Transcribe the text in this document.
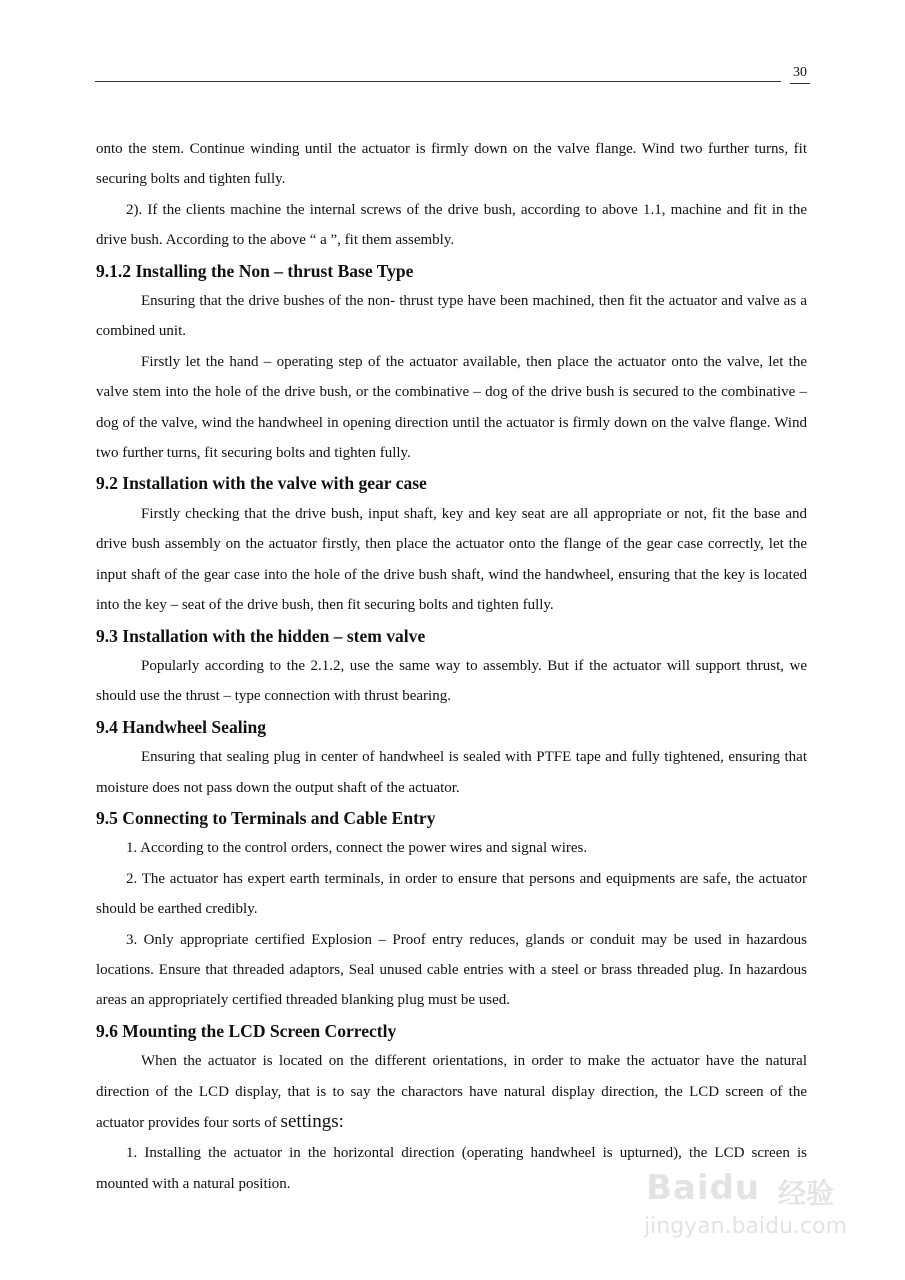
30

onto the stem. Continue winding until the actuator is firmly down on the valve flange. Wind two further turns, fit securing bolts and tighten fully.

2). If the clients machine the internal screws of the drive bush, according to above 1.1, machine and fit in the drive bush. According to the above “ a ”, fit them assembly.

9.1.2 Installing the Non – thrust Base Type

Ensuring that the drive bushes of the non- thrust type have been machined, then fit the actuator and valve as a combined unit.

Firstly let the hand – operating step of the actuator available, then place the actuator onto the valve, let the valve stem into the hole of the drive bush, or the combinative – dog of the drive bush is secured to the combinative – dog of the valve, wind the handwheel in opening direction until the actuator is firmly down on the valve flange. Wind two further turns, fit securing bolts and tighten fully.

9.2 Installation with the valve with gear case

Firstly checking that the drive bush, input shaft, key and key seat are all appropriate or not, fit the base and drive bush assembly on the actuator firstly, then place the actuator onto the flange of the gear case correctly, let the input shaft of the gear case into the hole of the drive bush shaft, wind the handwheel, ensuring that the key is located into the key – seat of the drive bush, then fit securing bolts and tighten fully.

9.3 Installation with the hidden – stem valve

Popularly according to the 2.1.2, use the same way to assembly. But if the actuator will support thrust, we should use the thrust – type connection with thrust bearing.

9.4 Handwheel Sealing

Ensuring that sealing plug in center of handwheel is sealed with PTFE tape and fully tightened, ensuring that moisture does not pass down the output shaft of the actuator.

9.5 Connecting to Terminals and Cable Entry

1. According to the control orders, connect the power wires and signal wires.

2. The actuator has expert earth terminals, in order to ensure that persons and equipments are safe, the actuator should be earthed credibly.

3. Only appropriate certified Explosion – Proof entry reduces, glands or conduit may be used in hazardous locations. Ensure that threaded adaptors, Seal unused cable entries with a steel or brass threaded plug. In hazardous areas an appropriately certified threaded blanking plug must be used.

9.6 Mounting the LCD Screen Correctly

When the actuator is located on the different orientations, in order to make the actuator have the natural direction of the LCD display, that is to say the charactors have natural display direction, the LCD screen of the actuator provides four sorts of settings:

1. Installing the actuator in the horizontal direction (operating handwheel is upturned), the LCD screen is mounted with a natural position.	Baidu 经验
jingyan.baidu.com
